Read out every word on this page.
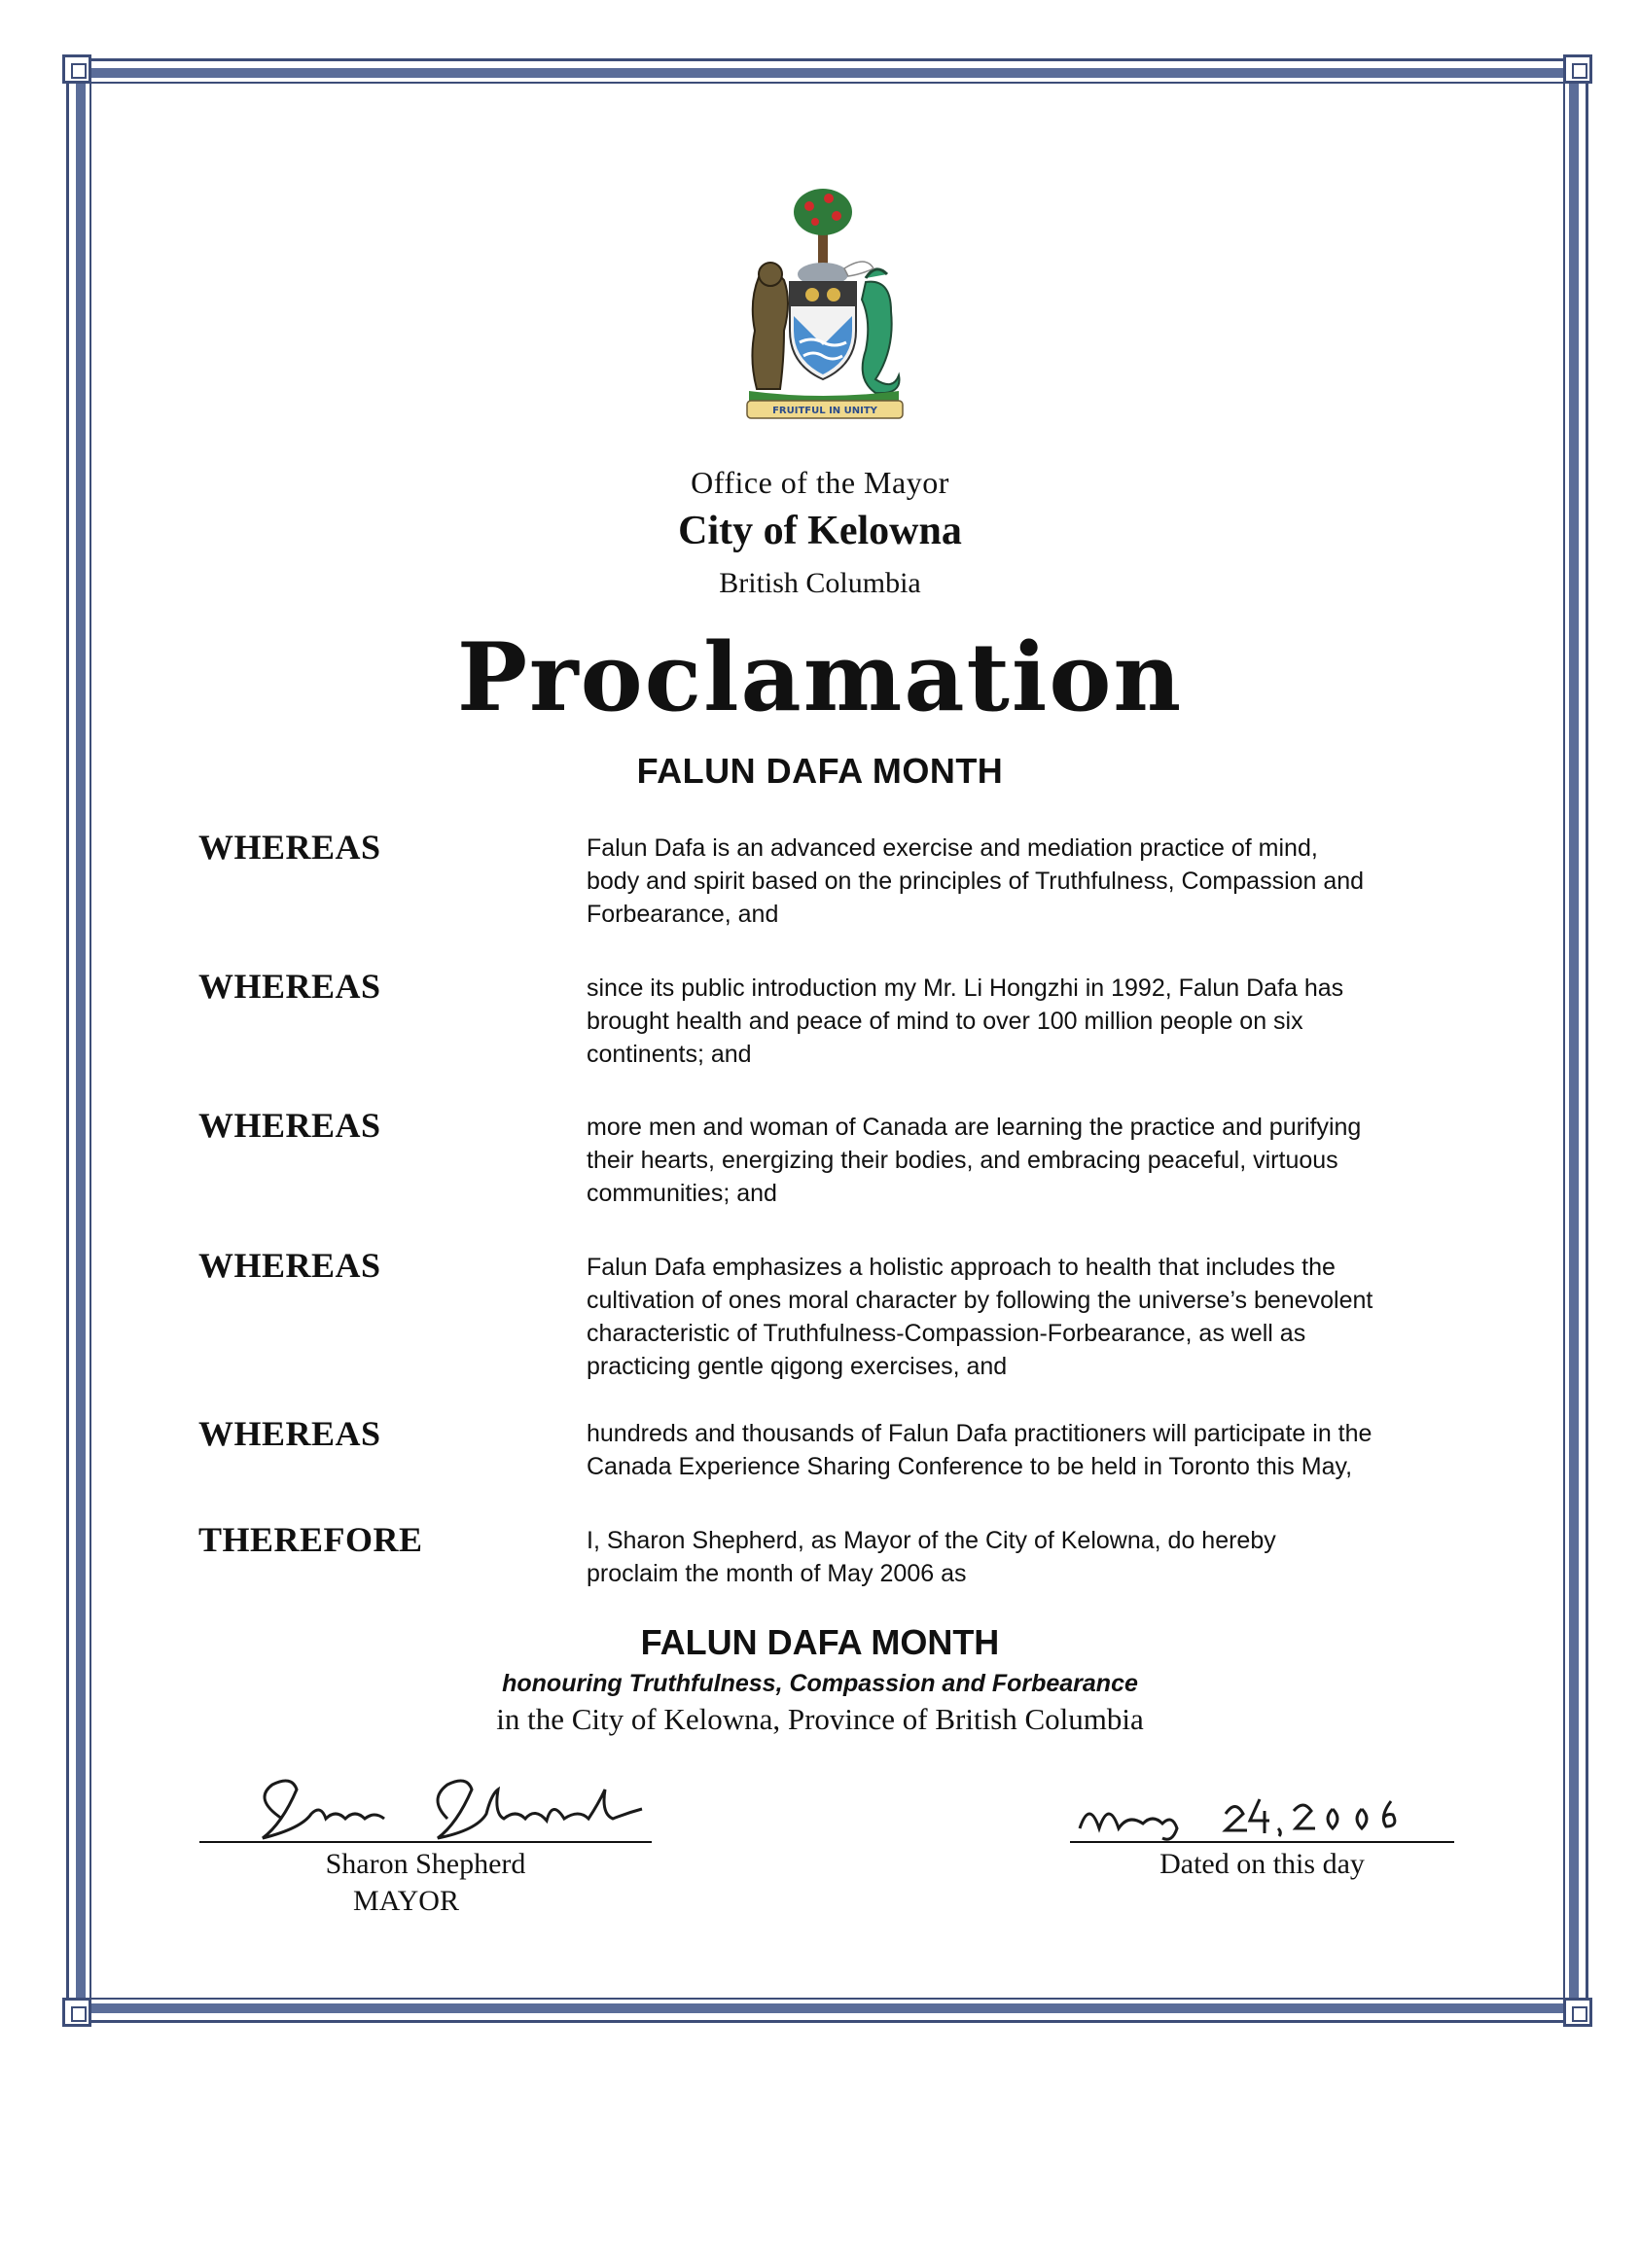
FRUITFUL IN UNITY
Office of the Mayor
City of Kelowna
British Columbia
Proclamation
FALUN DAFA MONTH
WHEREAS	Falun Dafa is an advanced exercise and mediation practice of mind,
body and spirit based on the principles of Truthfulness, Compassion and
Forbearance, and
WHEREAS	since its public introduction my Mr. Li Hongzhi in 1992, Falun Dafa has
brought health and peace of mind to over 100 million people on six
continents; and
WHEREAS	more men and woman of Canada are learning the practice and purifying
their hearts, energizing their bodies, and embracing peaceful, virtuous
communities; and
WHEREAS	Falun Dafa emphasizes a holistic approach to health that includes the
cultivation of ones moral character by following the universe’s benevolent
characteristic of Truthfulness-Compassion-Forbearance, as well as
practicing gentle qigong exercises, and
WHEREAS	hundreds and thousands of Falun Dafa practitioners will participate in the
Canada Experience Sharing Conference to be held in Toronto this May,
THEREFORE	I, Sharon Shepherd, as Mayor of the City of Kelowna, do hereby
proclaim the month of May 2006 as
FALUN DAFA MONTH
honouring Truthfulness, Compassion and Forbearance
in the City of Kelowna, Province of British Columbia
Sharon Shepherd
MAYOR
Dated on this day
